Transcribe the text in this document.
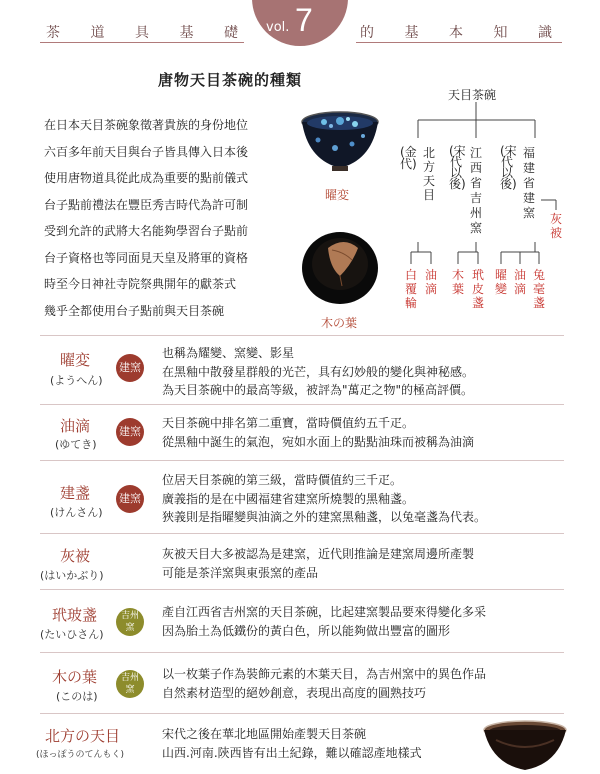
茶 道 具 基 礎	的 基 本 知 識
vol. 7
唐物天目茶碗的種類
在日本天目茶碗象徵著貴族的身份地位
六百多年前天目與台子皆具傳入日本後
使用唐物道具從此成為重要的點前儀式
台子點前禮法在豐臣秀吉時代為許可制
受到允許的武將大名能夠學習台子點前
台子資格也等同面見天皇及將軍的資格
時至今日神社寺院祭典開年的獻茶式
幾乎全都使用台子點前與天目茶碗
曜変
木の葉
天目茶碗
(金代)
北方天目
(宋代以後)
江西省吉州窯
(宋代以後)
福建省建窯 灰被
白覆輪
油滴
木葉
玳皮盞
曜變
油滴
兔毫盞
曜変
(ようへん)
建窯
也稱為耀變、窯變、影星
在黑釉中散發星群般的光芒，具有幻妙般的變化與神秘感。
為天目茶碗中的最高等級，被評為"萬疋之物"的極高評價。
油滴
(ゆてき)
建窯
天目茶碗中排名第二重寶，當時價值約五千疋。
從黑釉中誕生的氣泡，宛如水面上的點點油珠而被稱為油滴
建盞
(けんさん)
建窯
位居天目茶碗的第三級，當時價值約三千疋。
廣義指的是在中國福建省建窯所燒製的黑釉盞。
狹義則是指曜變與油滴之外的建窯黑釉盞，以兔毫盞為代表。
灰被
(はいかぶり)
灰被天目大多被認為是建窯，近代則推論是建窯周邊所產製
可能是茶洋窯與東張窯的產品
玳玻盞
(たいひさん)
吉州窯
產自江西省吉州窯的天目茶碗，比起建窯製品要來得變化多采
因為胎土為低鐵份的黃白色，所以能夠做出豐富的圖形
木の葉
(このは)
吉州窯
以一枚葉子作為裝飾元素的木葉天目，為吉州窯中的異色作品
自然素材造型的絕妙創意，表現出高度的圓熟技巧
北方の天目
(ほっぽうのてんもく)
宋代之後在華北地區開始產製天目茶碗
山西.河南.陝西皆有出土紀錄，難以確認產地樣式
